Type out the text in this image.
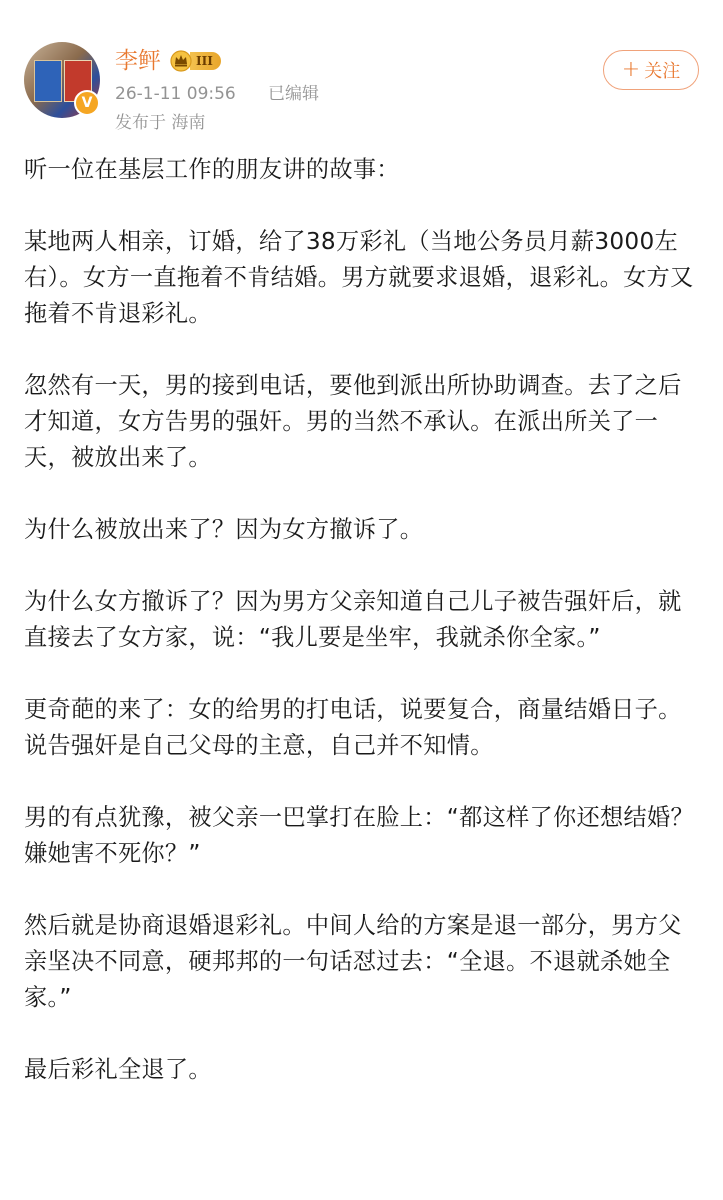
V
李鲆	III
26-1-11 09:56 已编辑
发布于 海南
+ 关注

听一位在基层工作的朋友讲的故事：

某地两人相亲，订婚，给了38万彩礼（当地公务员月薪3000左右）。女方一直拖着不肯结婚。男方就要求退婚，退彩礼。女方又拖着不肯退彩礼。

忽然有一天，男的接到电话，要他到派出所协助调查。去了之后才知道，女方告男的强奸。男的当然不承认。在派出所关了一天，被放出来了。

为什么被放出来了？因为女方撤诉了。

为什么女方撤诉了？因为男方父亲知道自己儿子被告强奸后，就直接去了女方家，说：“我儿要是坐牢，我就杀你全家。”

更奇葩的来了：女的给男的打电话，说要复合，商量结婚日子。说告强奸是自己父母的主意，自己并不知情。

男的有点犹豫，被父亲一巴掌打在脸上：“都这样了你还想结婚？嫌她害不死你？”

然后就是协商退婚退彩礼。中间人给的方案是退一部分，男方父亲坚决不同意，硬邦邦的一句话怼过去：“全退。不退就杀她全家。”

最后彩礼全退了。
